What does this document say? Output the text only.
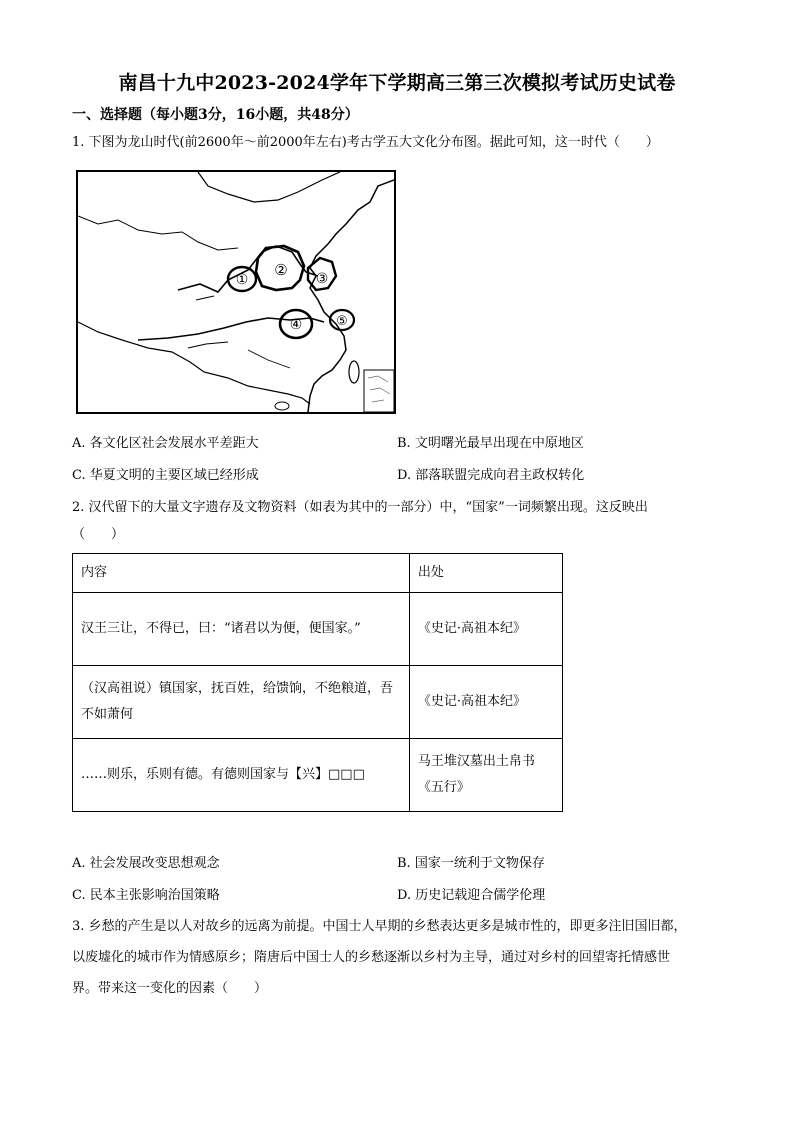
南昌十九中2023-2024学年下学期高三第三次模拟考试历史试卷
一、选择题（每小题3分，16小题，共48分）
1. 下图为龙山时代(前2600年～前2000年左右)考古学五大文化分布图。据此可知，这一时代（　　）
①
② ③
④	⑤
A. 各文化区社会发展水平差距大	B. 文明曙光最早出现在中原地区
C. 华夏文明的主要区域已经形成	D. 部落联盟完成向君主政权转化
2. 汉代留下的大量文字遗存及文物资料（如表为其中的一部分）中，“国家”一词频繁出现。这反映出
（　　）
内容	出处
汉王三让，不得已，曰：“诸君以为便，便国家。”	《史记·高祖本纪》
（汉高祖说）镇国家，抚百姓，给馈饷，不绝粮道，吾不如萧何	《史记·高祖本纪》
……则乐，乐则有德。有德则国家与【兴】□□□	马王堆汉墓出土帛书《五行》
A. 社会发展改变思想观念	B. 国家一统利于文物保存
C. 民本主张影响治国策略	D. 历史记载迎合儒学伦理
3. 乡愁的产生是以人对故乡的远离为前提。中国士人早期的乡愁表达更多是城市性的，即更多注旧国旧都，
以废墟化的城市作为情感原乡；隋唐后中国士人的乡愁逐渐以乡村为主导，通过对乡村的回望寄托情感世
界。带来这一变化的因素（　　）
